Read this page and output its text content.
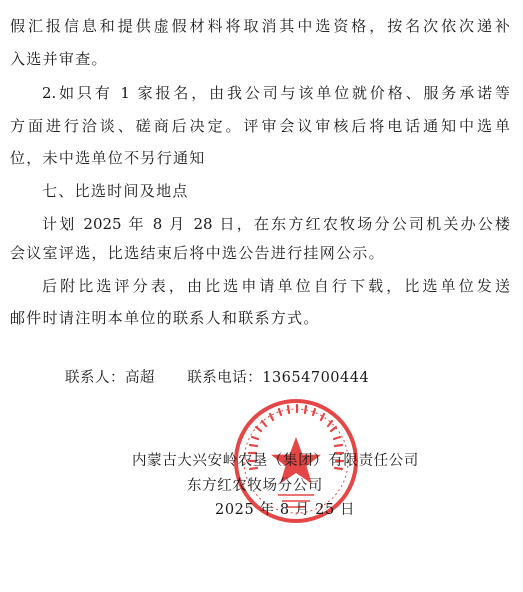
假汇报信息和提供虚假材料将取消其中选资格，按名次依次递补
入选并审查。
2.如只有 1 家报名，由我公司与该单位就价格、服务承诺等
方面进行洽谈、磋商后决定。评审会议审核后将电话通知中选单
位，未中选单位不另行通知
七、比选时间及地点
计划 2025 年 8 月 28 日，在东方红农牧场分公司机关办公楼
会议室评选，比选结束后将中选公告进行挂网公示。
后附比选评分表，由比选申请单位自行下载，比选单位发送
邮件时请注明本单位的联系人和联系方式。
联系人：高超 联系电话：13654700444
内蒙古大兴安岭农垦（集团）有限责任公司
东方红农牧场分公司
2025 年 8 月 25 日
